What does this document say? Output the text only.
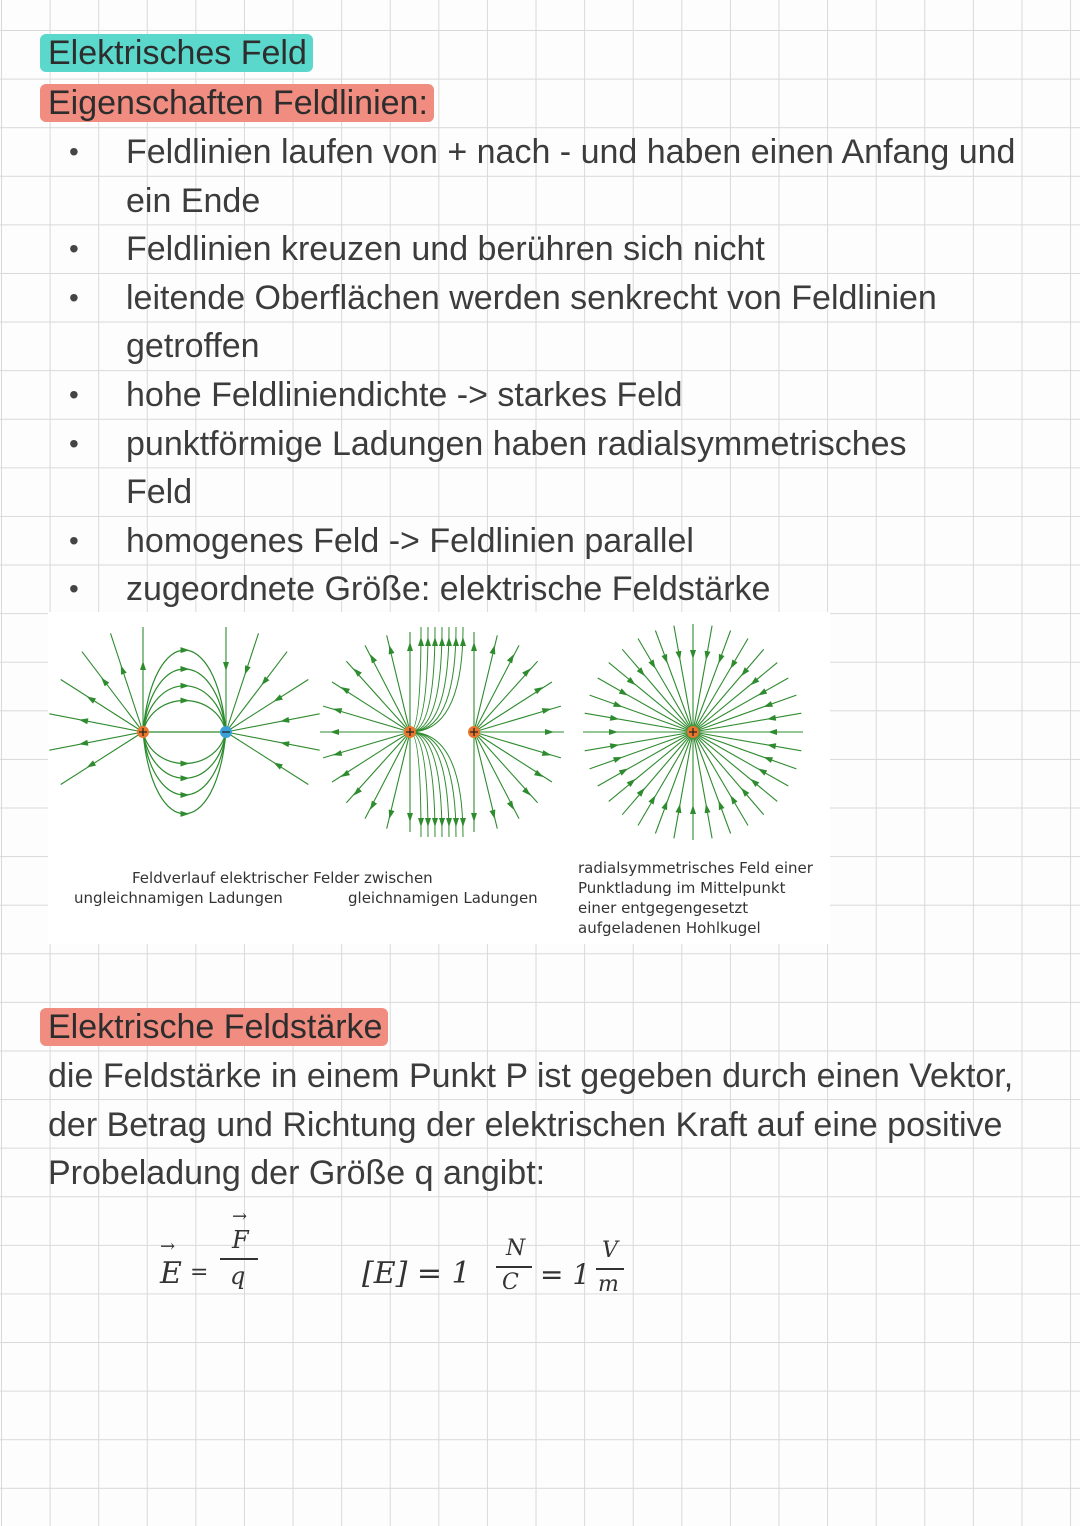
Elektrisches Feld
Eigenschaften Feldlinien:
• Feldlinien laufen von + nach - und haben einen Anfang und ein Ende
• Feldlinien kreuzen und berühren sich nicht
• leitende Oberflächen werden senkrecht von Feldlinien getroffen
• hohe Feldliniendichte -> starkes Feld
• punktförmige Ladungen haben radialsymmetrisches Feld
• homogenes Feld -> Feldlinien parallel
• zugeordnete Größe: elektrische Feldstärke
Feldverlauf elektrischer Felder zwischen
ungleichnamigen Ladungen	gleichnamigen Ladungen
radialsymmetrisches Feld einer
Punktladung im Mittelpunkt
einer entgegengesetzt
aufgeladenen Hohlkugel
Elektrische Feldstärke
die Feldstärke in einem Punkt P ist gegeben durch einen Vektor, der Betrag und Richtung der elektrischen Kraft auf eine positive Probeladung der Größe q angibt:
→
E =
→
F
q	[E] = 1
N
C = 1
V
m
